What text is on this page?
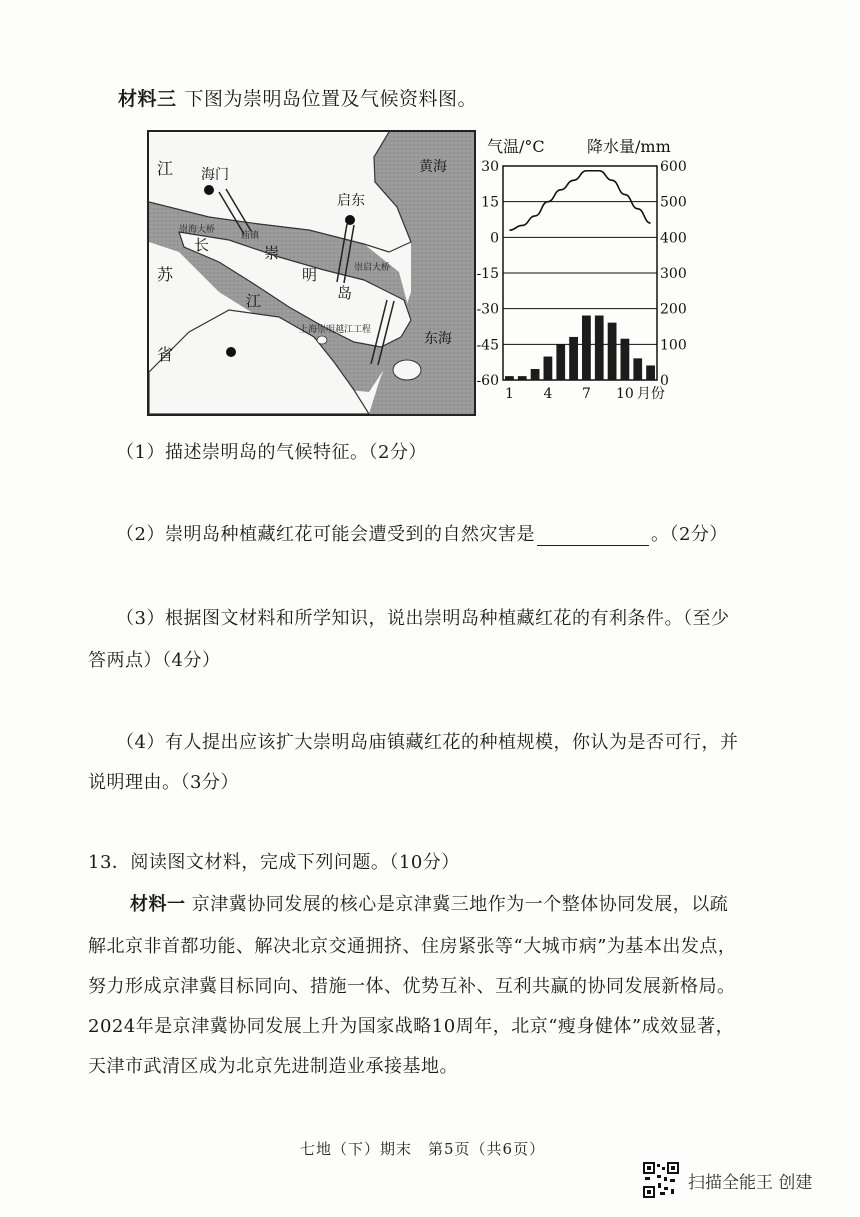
材料三 下图为崇明岛位置及气候资料图。
江
苏
省
海门
启东
黄海
东海
长
江
崇
明
岛
崇海大桥
庙镇
崇启大桥
上海崇明越江工程
气温/°C	降水量/mm
30
15
0
-15
-30
-45
-60
600
500
400
300
200
100
0
1 4 7 10 月份
（1）描述崇明岛的气候特征。（2分）
（2）崇明岛种植藏红花可能会遭受到的自然灾害是	。（2分）
（3）根据图文材料和所学知识，说出崇明岛种植藏红花的有利条件。（至少
答两点）（4分）
（4）有人提出应该扩大崇明岛庙镇藏红花的种植规模，你认为是否可行，并
说明理由。（3分）
13．阅读图文材料，完成下列问题。（10分）
材料一 京津冀协同发展的核心是京津冀三地作为一个整体协同发展，以疏
解北京非首都功能、解决北京交通拥挤、住房紧张等“大城市病”为基本出发点，
努力形成京津冀目标同向、措施一体、优势互补、互利共赢的协同发展新格局。
2024年是京津冀协同发展上升为国家战略10周年，北京“瘦身健体”成效显著，
天津市武清区成为北京先进制造业承接基地。
七地（下）期末　第5页（共6页）
扫描全能王 创建
